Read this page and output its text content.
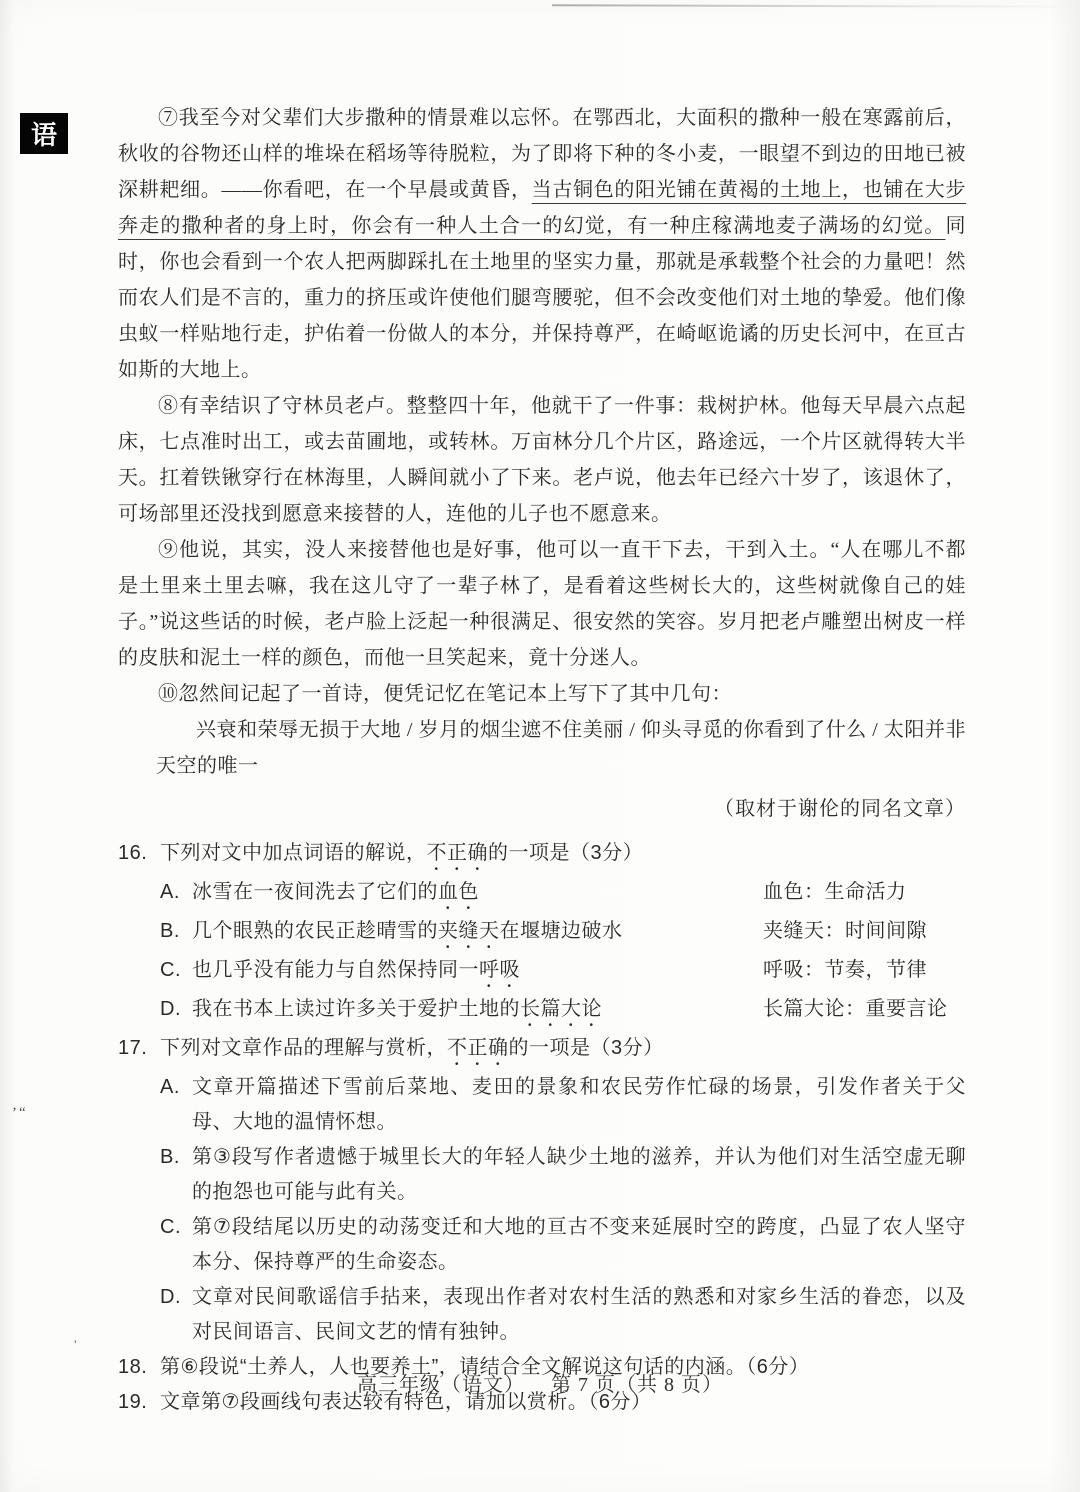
语
’“

⑦我至今对父辈们大步撒种的情景难以忘怀。在鄂西北，大面积的撒种一般在寒露前后，秋收的谷物还山样的堆垛在稻场等待脱粒，为了即将下种的冬小麦，一眼望不到边的田地已被深耕耙细。——你看吧，在一个早晨或黄昏，当古铜色的阳光铺在黄褐的土地上，也铺在大步奔走的撒种者的身上时，你会有一种人土合一的幻觉，有一种庄稼满地麦子满场的幻觉。同时，你也会看到一个农人把两脚踩扎在土地里的坚实力量，那就是承载整个社会的力量吧！然而农人们是不言的，重力的挤压或许使他们腿弯腰驼，但不会改变他们对土地的挚爱。他们像虫蚁一样贴地行走，护佑着一份做人的本分，并保持尊严，在崎岖诡谲的历史长河中，在亘古如斯的大地上。

⑧有幸结识了守林员老卢。整整四十年，他就干了一件事：栽树护林。他每天早晨六点起床，七点准时出工，或去苗圃地，或转林。万亩林分几个片区，路途远，一个片区就得转大半天。扛着铁锹穿行在林海里，人瞬间就小了下来。老卢说，他去年已经六十岁了，该退休了，可场部里还没找到愿意来接替的人，连他的儿子也不愿意来。

⑨他说，其实，没人来接替他也是好事，他可以一直干下去，干到入土。“人在哪儿不都是土里来土里去嘛，我在这儿守了一辈子林了，是看着这些树长大的，这些树就像自己的娃子。”说这些话的时候，老卢脸上泛起一种很满足、很安然的笑容。岁月把老卢雕塑出树皮一样的皮肤和泥土一样的颜色，而他一旦笑起来，竟十分迷人。

⑩忽然间记起了一首诗，便凭记忆在笔记本上写下了其中几句：

兴衰和荣辱无损于大地 / 岁月的烟尘遮不住美丽 / 仰头寻觅的你看到了什么 / 太阳并非天空的唯一
（取材于谢伦的同名文章）
16. 下列对文中加点词语的解说，不正确的一项是（3分）
A. 冰雪在一夜间洗去了它们的血色	血色：生命活力
B. 几个眼熟的农民正趁晴雪的夹缝天在堰塘边破水	夹缝天：时间间隙
C. 也几乎没有能力与自然保持同一呼吸	呼吸：节奏，节律
D. 我在书本上读过许多关于爱护土地的长篇大论	长篇大论：重要言论
17. 下列对文章作品的理解与赏析，不正确的一项是（3分）
A. 文章开篇描述下雪前后菜地、麦田的景象和农民劳作忙碌的场景，引发作者关于父母、大地的温情怀想。
B. 第③段写作者遗憾于城里长大的年轻人缺少土地的滋养，并认为他们对生活空虚无聊的抱怨也可能与此有关。
C. 第⑦段结尾以历史的动荡变迁和大地的亘古不变来延展时空的跨度，凸显了农人坚守本分、保持尊严的生命姿态。
D. 文章对民间歌谣信手拈来，表现出作者对农村生活的熟悉和对家乡生活的眷恋，以及对民间语言、民间文艺的情有独钟。
’
18. 第⑥段说“土养人，人也要养土”，请结合全文解说这句话的内涵。（6分）
19. 文章第⑦段画线句表达较有特色，请加以赏析。（6分）
高三年级（语文） 第 7 页（共 8 页）
